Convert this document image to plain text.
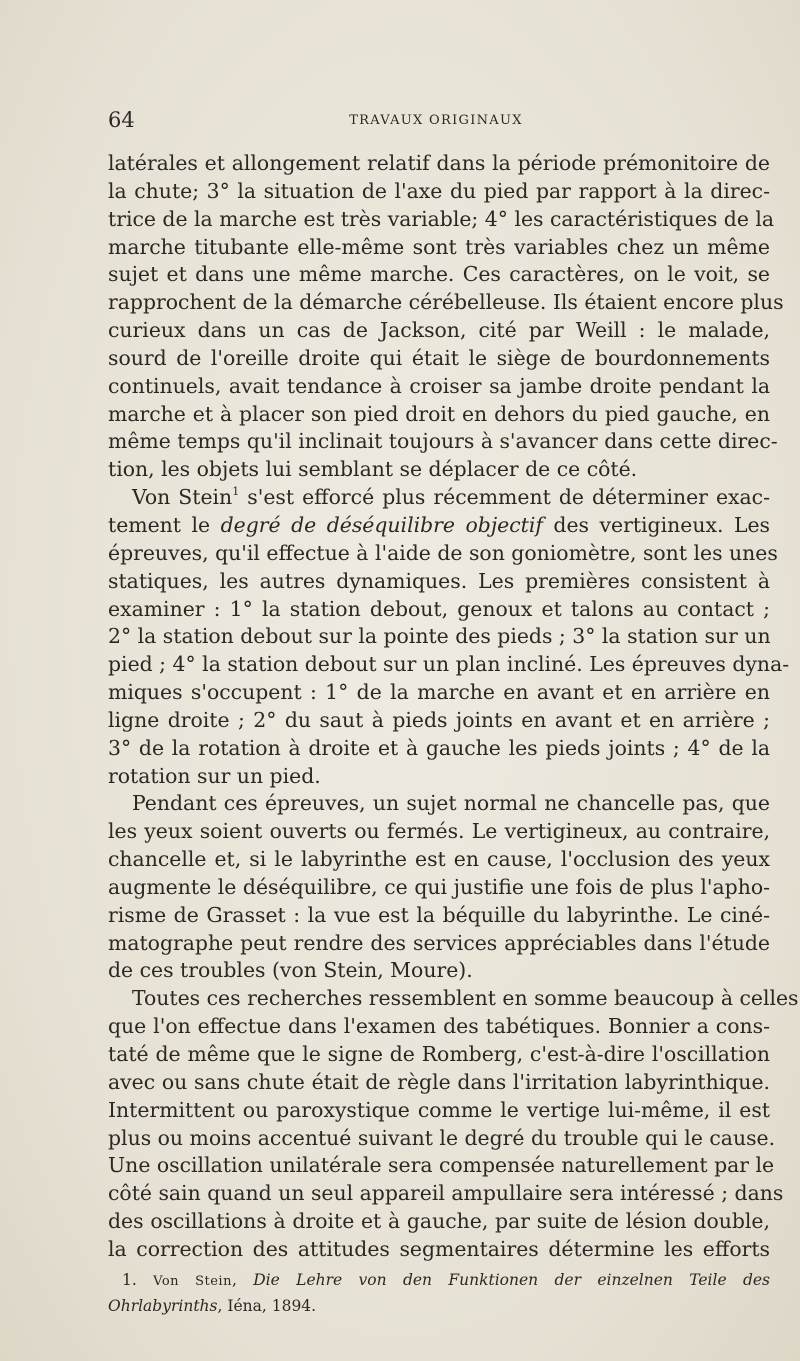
64	TRAVAUX ORIGINAUX
latérales et allongement relatif dans la période prémonitoire de
la chute; 3° la situation de l'axe du pied par rapport à la direc-
trice de la marche est très variable; 4° les caractéristiques de la
marche titubante elle-même sont très variables chez un même
sujet et dans une même marche. Ces caractères, on le voit, se
rapprochent de la démarche cérébelleuse. Ils étaient encore plus
curieux dans un cas de Jackson, cité par Weill : le malade,
sourd de l'oreille droite qui était le siège de bourdonnements
continuels, avait tendance à croiser sa jambe droite pendant la
marche et à placer son pied droit en dehors du pied gauche, en
même temps qu'il inclinait toujours à s'avancer dans cette direc-
tion, les objets lui semblant se déplacer de ce côté.
Von Stein$^1$ s'est efforcé plus récemment de déterminer exac-
tement le degré de déséquilibre objectif des vertigineux. Les
épreuves, qu'il effectue à l'aide de son goniomètre, sont les unes
statiques, les autres dynamiques. Les premières consistent à
examiner : 1° la station debout, genoux et talons au contact ;
2° la station debout sur la pointe des pieds ; 3° la station sur un
pied ; 4° la station debout sur un plan incliné. Les épreuves dyna-
miques s'occupent : 1° de la marche en avant et en arrière en
ligne droite ; 2° du saut à pieds joints en avant et en arrière ;
3° de la rotation à droite et à gauche les pieds joints ; 4° de la
rotation sur un pied.
Pendant ces épreuves, un sujet normal ne chancelle pas, que
les yeux soient ouverts ou fermés. Le vertigineux, au contraire,
chancelle et, si le labyrinthe est en cause, l'occlusion des yeux
augmente le déséquilibre, ce qui justifie une fois de plus l'apho-
risme de Grasset : la vue est la béquille du labyrinthe. Le ciné-
matographe peut rendre des services appréciables dans l'étude
de ces troubles (von Stein, Moure).
Toutes ces recherches ressemblent en somme beaucoup à celles
que l'on effectue dans l'examen des tabétiques. Bonnier a cons-
taté de même que le signe de Romberg, c'est-à-dire l'oscillation
avec ou sans chute était de règle dans l'irritation labyrinthique.
Intermittent ou paroxystique comme le vertige lui-même, il est
plus ou moins accentué suivant le degré du trouble qui le cause.
Une oscillation unilatérale sera compensée naturellement par le
côté sain quand un seul appareil ampullaire sera intéressé ; dans
des oscillations à droite et à gauche, par suite de lésion double,
la correction des attitudes segmentaires détermine les efforts
1. Von Stein, Die Lehre von den Funktionen der einzelnen Teile des
Ohrlabyrinths, Iéna, 1894.
